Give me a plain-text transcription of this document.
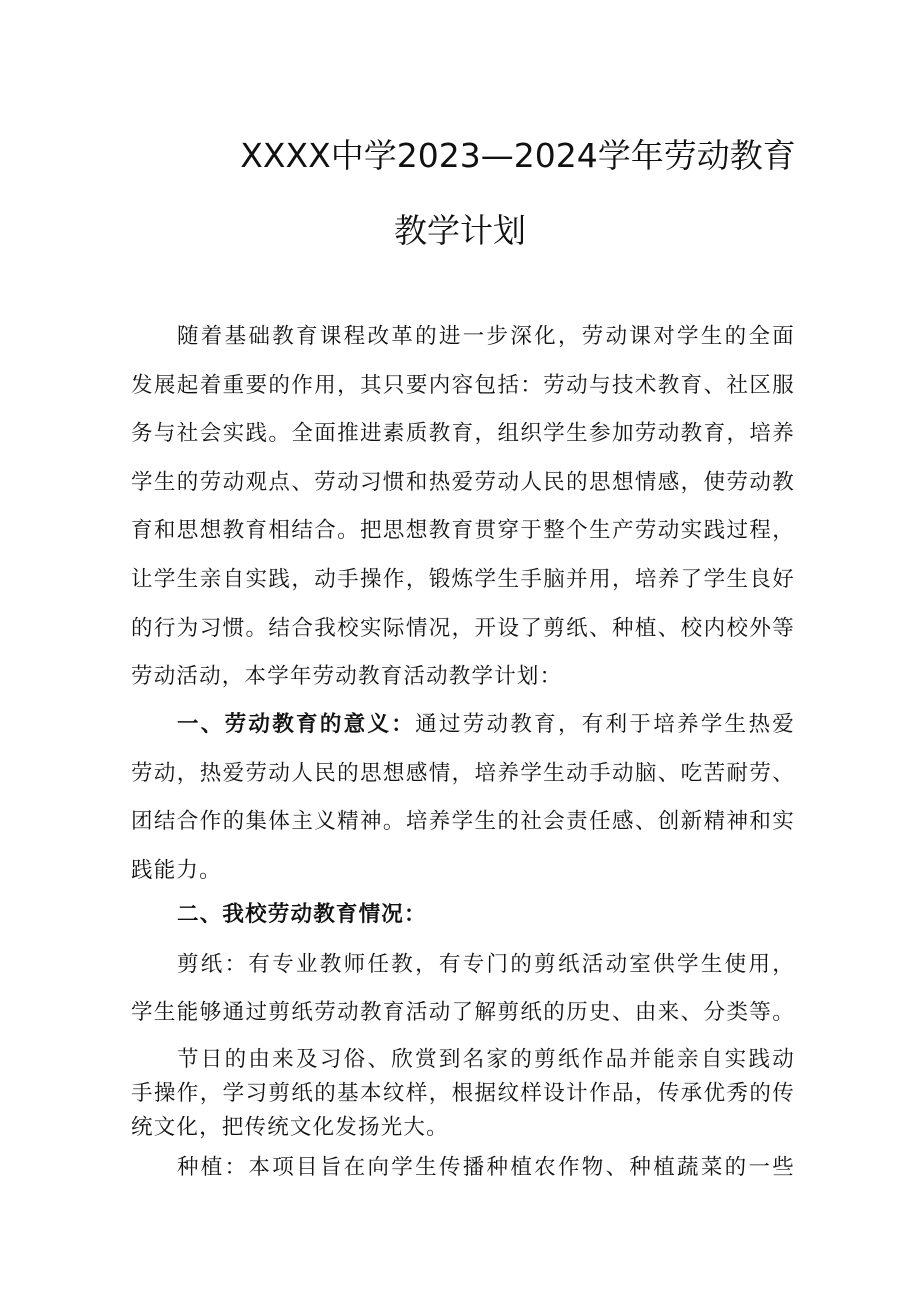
XXXX中学2023—2024学年劳动教育
教学计划
随着基础教育课程改革的进一步深化，劳动课对学生的全面
发展起着重要的作用，其只要内容包括：劳动与技术教育、社区服
务与社会实践。全面推进素质教育，组织学生参加劳动教育，培养
学生的劳动观点、劳动习惯和热爱劳动人民的思想情感，使劳动教
育和思想教育相结合。把思想教育贯穿于整个生产劳动实践过程，
让学生亲自实践，动手操作，锻炼学生手脑并用，培养了学生良好
的行为习惯。结合我校实际情况，开设了剪纸、种植、校内校外等
劳动活动，本学年劳动教育活动教学计划：
一、劳动教育的意义：通过劳动教育，有利于培养学生热爱
劳动，热爱劳动人民的思想感情，培养学生动手动脑、吃苦耐劳、
团结合作的集体主义精神。培养学生的社会责任感、创新精神和实
践能力。
二、我校劳动教育情况：
剪纸：有专业教师任教，有专门的剪纸活动室供学生使用，
学生能够通过剪纸劳动教育活动了解剪纸的历史、由来、分类等。
节日的由来及习俗、欣赏到名家的剪纸作品并能亲自实践动
手操作，学习剪纸的基本纹样，根据纹样设计作品，传承优秀的传
统文化，把传统文化发扬光大。
种植：本项目旨在向学生传播种植农作物、种植蔬菜的一些
